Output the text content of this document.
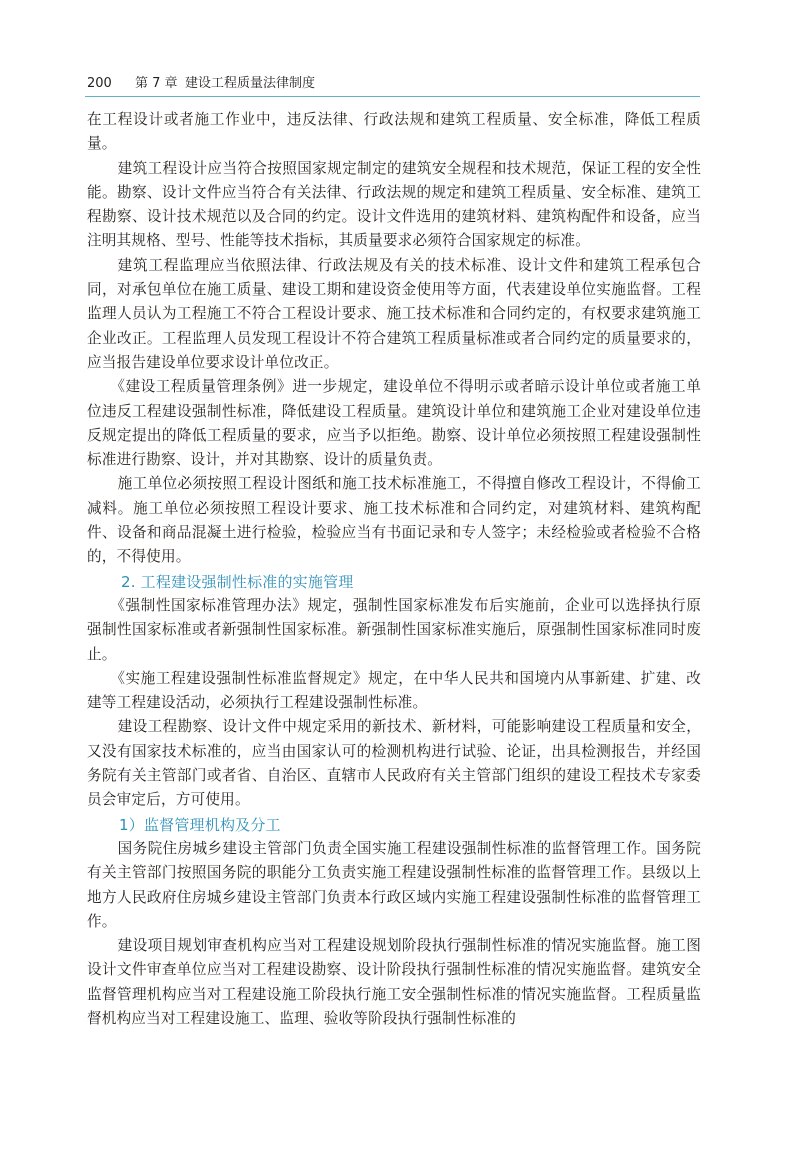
200 第 7 章 建设工程质量法律制度

在工程设计或者施工作业中，违反法律、行政法规和建筑工程质量、安全标准，降低工程质量。

建筑工程设计应当符合按照国家规定制定的建筑安全规程和技术规范，保证工程的安全性能。勘察、设计文件应当符合有关法律、行政法规的规定和建筑工程质量、安全标准、建筑工程勘察、设计技术规范以及合同的约定。设计文件选用的建筑材料、建筑构配件和设备，应当注明其规格、型号、性能等技术指标，其质量要求必须符合国家规定的标准。

建筑工程监理应当依照法律、行政法规及有关的技术标准、设计文件和建筑工程承包合同，对承包单位在施工质量、建设工期和建设资金使用等方面，代表建设单位实施监督。工程监理人员认为工程施工不符合工程设计要求、施工技术标准和合同约定的，有权要求建筑施工企业改正。工程监理人员发现工程设计不符合建筑工程质量标准或者合同约定的质量要求的，应当报告建设单位要求设计单位改正。

《建设工程质量管理条例》进一步规定，建设单位不得明示或者暗示设计单位或者施工单位违反工程建设强制性标准，降低建设工程质量。建筑设计单位和建筑施工企业对建设单位违反规定提出的降低工程质量的要求，应当予以拒绝。勘察、设计单位必须按照工程建设强制性标准进行勘察、设计，并对其勘察、设计的质量负责。

施工单位必须按照工程设计图纸和施工技术标准施工，不得擅自修改工程设计，不得偷工减料。施工单位必须按照工程设计要求、施工技术标准和合同约定，对建筑材料、建筑构配件、设备和商品混凝土进行检验，检验应当有书面记录和专人签字；未经检验或者检验不合格的，不得使用。

2. 工程建设强制性标准的实施管理

《强制性国家标准管理办法》规定，强制性国家标准发布后实施前，企业可以选择执行原强制性国家标准或者新强制性国家标准。新强制性国家标准实施后，原强制性国家标准同时废止。

《实施工程建设强制性标准监督规定》规定，在中华人民共和国境内从事新建、扩建、改建等工程建设活动，必须执行工程建设强制性标准。

建设工程勘察、设计文件中规定采用的新技术、新材料，可能影响建设工程质量和安全，又没有国家技术标准的，应当由国家认可的检测机构进行试验、论证，出具检测报告，并经国务院有关主管部门或者省、自治区、直辖市人民政府有关主管部门组织的建设工程技术专家委员会审定后，方可使用。

1）监督管理机构及分工

国务院住房城乡建设主管部门负责全国实施工程建设强制性标准的监督管理工作。国务院有关主管部门按照国务院的职能分工负责实施工程建设强制性标准的监督管理工作。县级以上地方人民政府住房城乡建设主管部门负责本行政区域内实施工程建设强制性标准的监督管理工作。

建设项目规划审查机构应当对工程建设规划阶段执行强制性标准的情况实施监督。施工图设计文件审查单位应当对工程建设勘察、设计阶段执行强制性标准的情况实施监督。建筑安全监督管理机构应当对工程建设施工阶段执行施工安全强制性标准的情况实施监督。工程质量监督机构应当对工程建设施工、监理、验收等阶段执行强制性标准的
